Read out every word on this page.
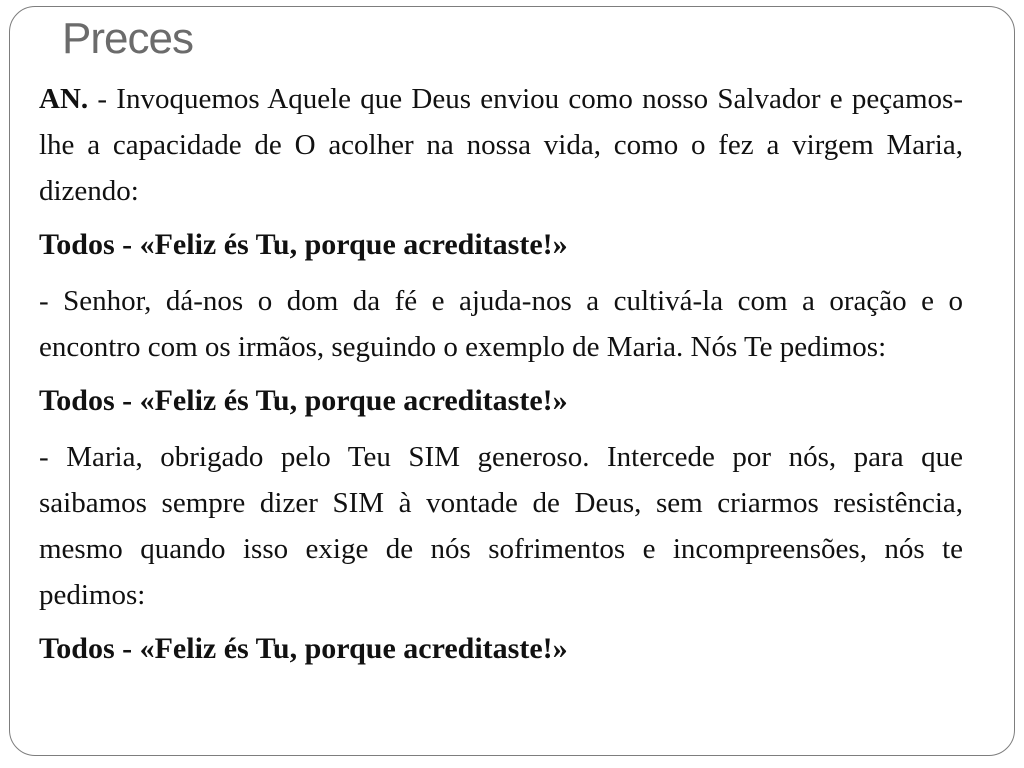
Preces

AN. - Invoquemos Aquele que Deus enviou como nosso Salvador e peçamos-lhe a capacidade de O acolher na nossa vida, como o fez a virgem Maria, dizendo:

Todos - «Feliz és Tu, porque acreditaste!»

- Senhor, dá-nos o dom da fé e ajuda-nos a cultivá-la com a oração e o encontro com os irmãos, seguindo o exemplo de Maria. Nós Te pedimos:

Todos - «Feliz és Tu, porque acreditaste!»

- Maria, obrigado pelo Teu SIM generoso. Intercede por nós, para que saibamos sempre dizer SIM à vontade de Deus, sem criarmos resistência, mesmo quando isso exige de nós sofrimentos e incompreensões, nós te pedimos:

Todos - «Feliz és Tu, porque acreditaste!»
